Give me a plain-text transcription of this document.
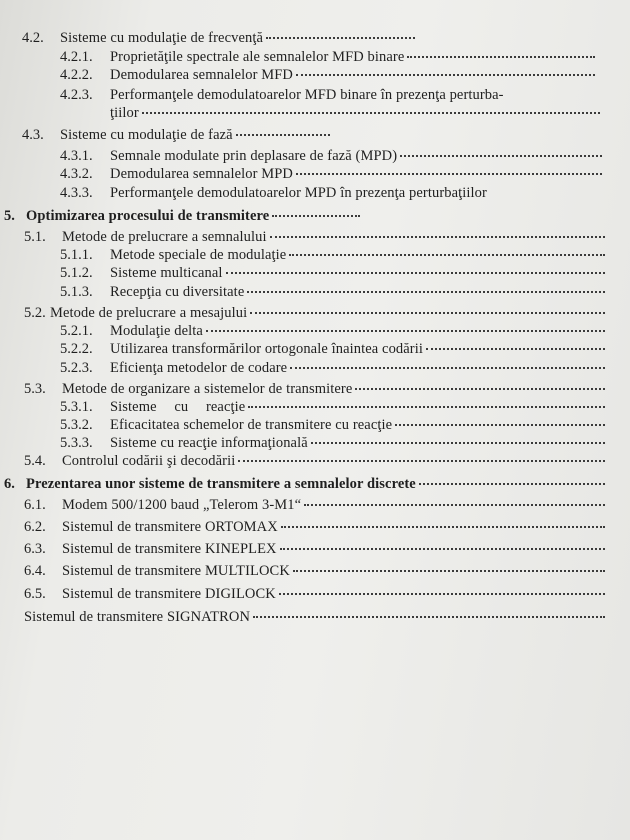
4.2.	Sisteme cu modulaţie de frecvenţă
4.2.1.	Proprietăţile spectrale ale semnalelor MFD binare
4.2.2.	Demodularea semnalelor MFD
4.2.3.	Performanţele demodulatoarelor MFD binare în prezenţa perturba-
ţiilor
4.3.	Sisteme cu modulaţie de fază
4.3.1.	Semnale modulate prin deplasare de fază (MPD)
4.3.2.	Demodularea semnalelor MPD
4.3.3.	Performanţele demodulatoarelor MPD în prezenţa perturbaţiilor
5. Optimizarea procesului de transmitere
5.1.	Metode de prelucrare a semnalului
5.1.1.	Metode speciale de modulaţie
5.1.2.	Sisteme multicanal
5.1.3.	Recepţia cu diversitate
5.2. Metode de prelucrare a mesajului
5.2.1.	Modulaţie delta
5.2.2.	Utilizarea transformărilor ortogonale înaintea codării
5.2.3.	Eficienţa metodelor de codare
5.3.	Metode de organizare a sistemelor de transmitere
5.3.1.	Sisteme cu reacţie
5.3.2.	Eficacitatea schemelor de transmitere cu reacţie
5.3.3.	Sisteme cu reacţie informaţională
5.4.	Controlul codării şi decodării
6. Prezentarea unor sisteme de transmitere a semnalelor discrete
6.1.	Modem 500/1200 baud „Telerom 3-M1“
6.2.	Sistemul de transmitere ORTOMAX
6.3.	Sistemul de transmitere KINEPLEX
6.4.	Sistemul de transmitere MULTILOCK
6.5.	Sistemul de transmitere DIGILOCK
Sistemul de transmitere SIGNATRON
